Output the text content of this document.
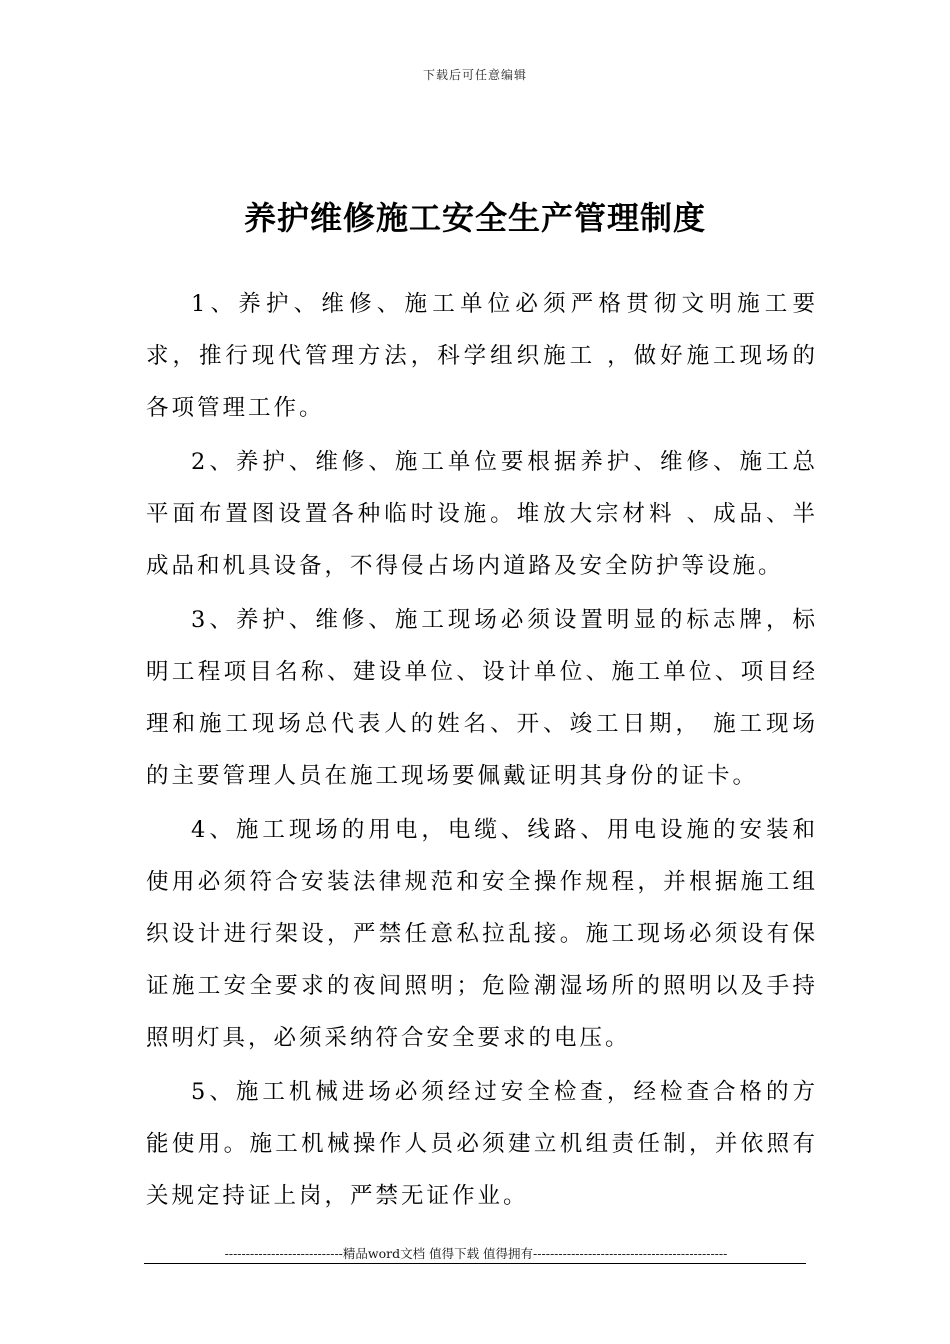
下载后可任意编辑
养护维修施工安全生产管理制度

1、养护、维修、施工单位必须严格贯彻文明施工要求，推行现代管理方法，科学组织施工 ，做好施工现场的各项管理工作。

2、养护、维修、施工单位要根据养护、维修、施工总平面布置图设置各种临时设施。堆放大宗材料 、成品、半成品和机具设备，不得侵占场内道路及安全防护等设施。

3、养护、维修、施工现场必须设置明显的标志牌，标明工程项目名称、建设单位、设计单位、施工单位、项目经理和施工现场总代表人的姓名、开、竣工日期， 施工现场的主要管理人员在施工现场要佩戴证明其身份的证卡。

4、施工现场的用电，电缆、线路、用电设施的安装和使用必须符合安装法律规范和安全操作规程，并根据施工组织设计进行架设，严禁任意私拉乱接。施工现场必须设有保证施工安全要求的夜间照明；危险潮湿场所的照明以及手持照明灯具，必须采纳符合安全要求的电压。

5、施工机械进场必须经过安全检查，经检查合格的方能使用。施工机械操作人员必须建立机组责任制，并依照有关规定持证上岗，严禁无证作业。

----------------------------精品word文档 值得下载 值得拥有----------------------------------------------
